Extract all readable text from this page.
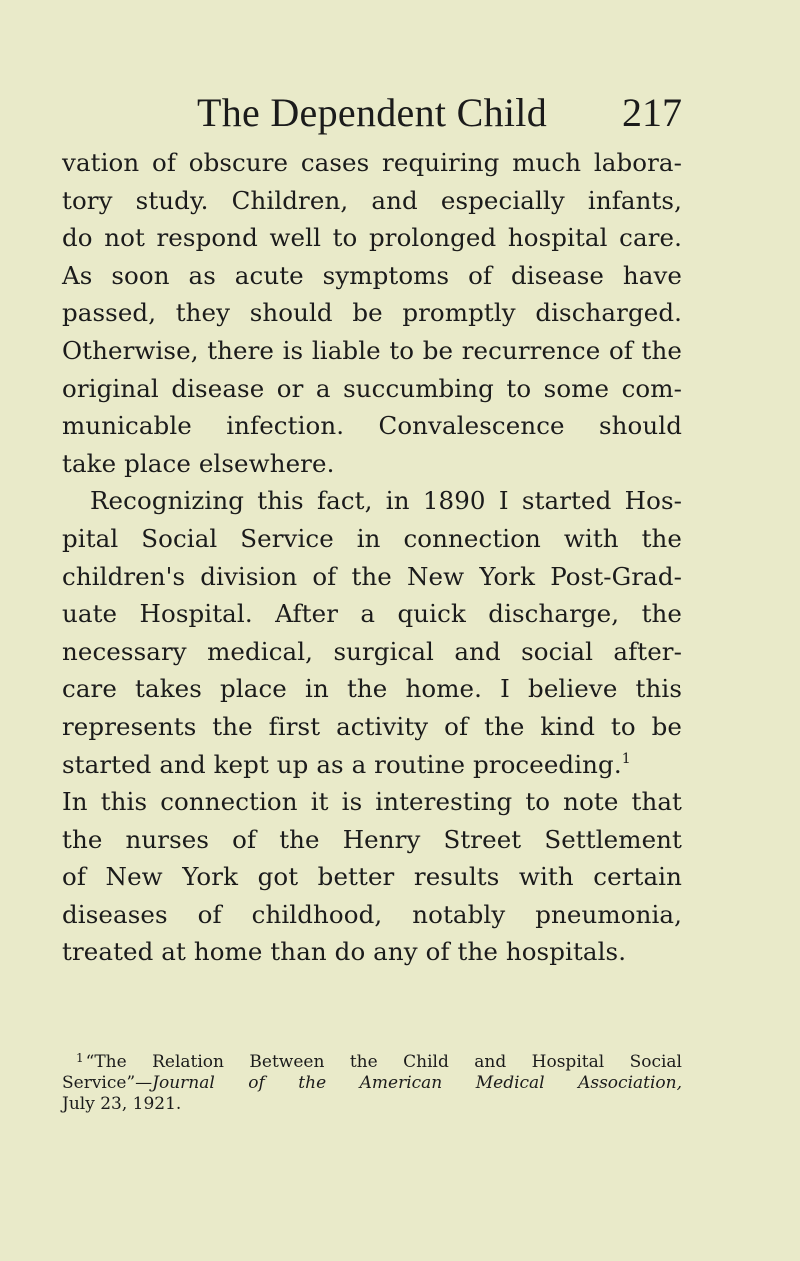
The Dependent Child	217
vation of obscure cases requiring much labora-
tory study. Children, and especially infants,
do not respond well to prolonged hospital care.
As soon as acute symptoms of disease have
passed, they should be promptly discharged.
Otherwise, there is liable to be recurrence of the
original disease or a succumbing to some com-
municable infection. Convalescence should
take place elsewhere.
Recognizing this fact, in 1890 I started Hos-
pital Social Service in connection with the
children's division of the New York Post-Grad-
uate Hospital. After a quick discharge, the
necessary medical, surgical and social after-
care takes place in the home. I believe this
represents the first activity of the kind to be
started and kept up as a routine proceeding.$^1$
In this connection it is interesting to note that
the nurses of the Henry Street Settlement
of New York got better results with certain
diseases of childhood, notably pneumonia,
treated at home than do any of the hospitals.
$^1$ “The Relation Between the Child and Hospital Social
Service”—Journal of the American Medical Association,
July 23, 1921.
